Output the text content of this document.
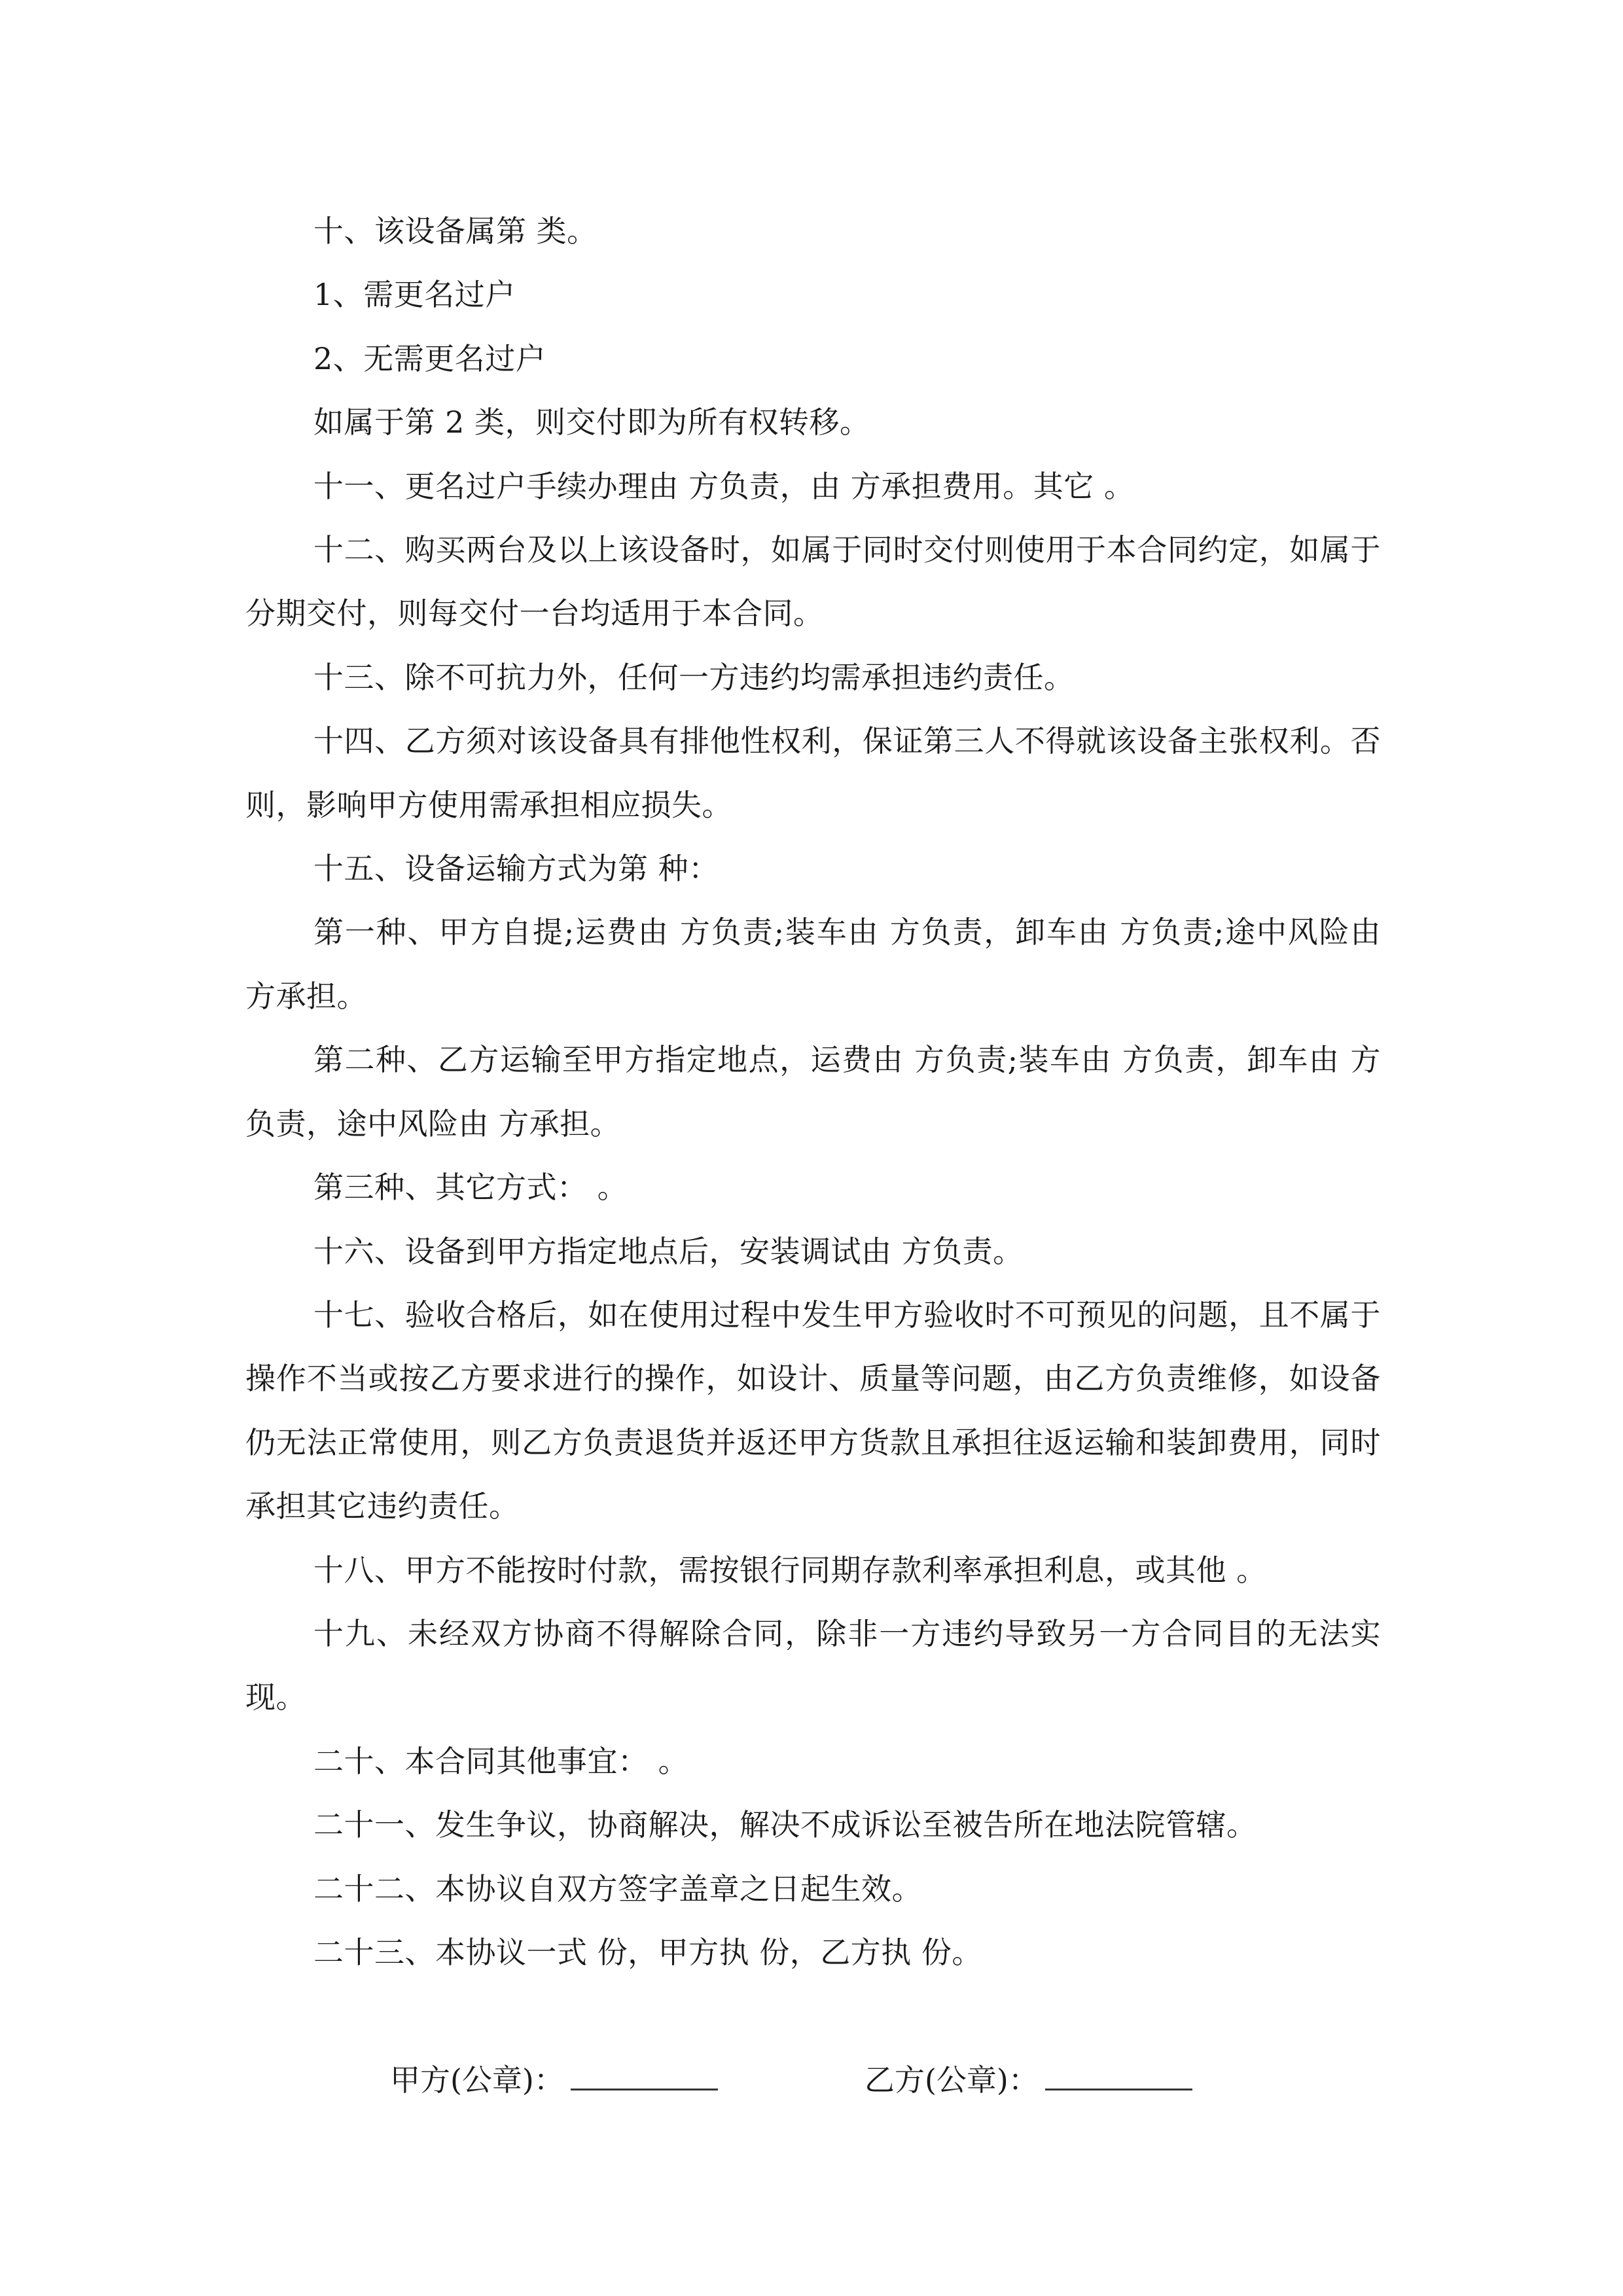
十、该设备属第 类。

1、需更名过户

2、无需更名过户

如属于第 2 类，则交付即为所有权转移。

十一、更名过户手续办理由 方负责，由 方承担费用。其它 。

十二、购买两台及以上该设备时，如属于同时交付则使用于本合同约定，如属于分期交付，则每交付一台均适用于本合同。

十三、除不可抗力外，任何一方违约均需承担违约责任。

十四、乙方须对该设备具有排他性权利，保证第三人不得就该设备主张权利。否则，影响甲方使用需承担相应损失。

十五、设备运输方式为第 种：

第一种、甲方自提;运费由 方负责;装车由 方负责，卸车由 方负责;途中风险由 方承担。

第二种、乙方运输至甲方指定地点，运费由 方负责;装车由 方负责，卸车由 方负责，途中风险由 方承担。

第三种、其它方式： 。

十六、设备到甲方指定地点后，安装调试由 方负责。

十七、验收合格后，如在使用过程中发生甲方验收时不可预见的问题，且不属于操作不当或按乙方要求进行的操作，如设计、质量等问题，由乙方负责维修，如设备仍无法正常使用，则乙方负责退货并返还甲方货款且承担往返运输和装卸费用，同时承担其它违约责任。

十八、甲方不能按时付款，需按银行同期存款利率承担利息，或其他 。

十九、未经双方协商不得解除合同，除非一方违约导致另一方合同目的无法实现。

二十、本合同其他事宜： 。

二十一、发生争议，协商解决，解决不成诉讼至被告所在地法院管辖。

二十二、本协议自双方签字盖章之日起生效。

二十三、本协议一式 份，甲方执 份，乙方执 份。

甲方(公章)：
	乙方(公章)：
